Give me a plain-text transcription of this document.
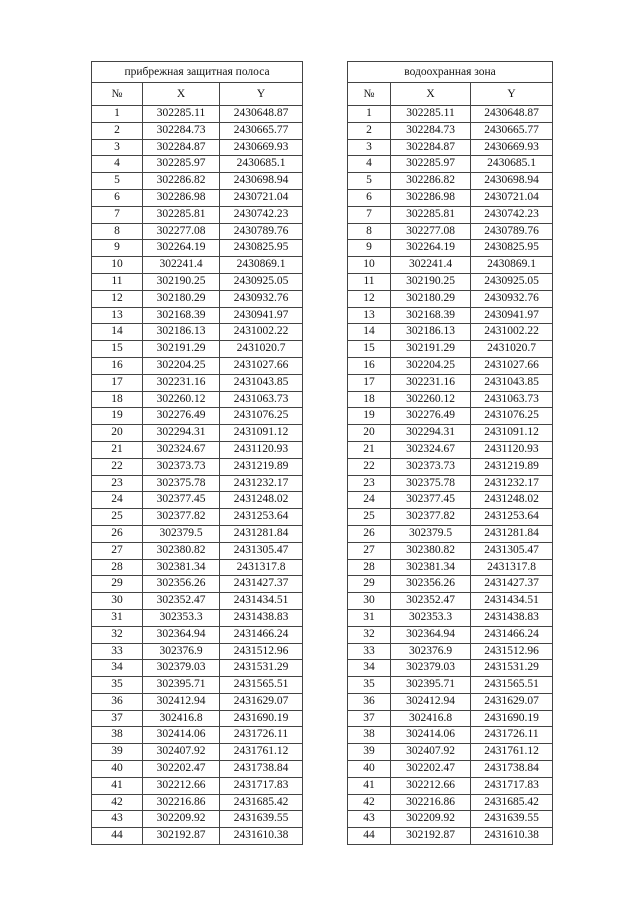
прибрежная защитная полоса		
№	X	Y
1	302285.11	2430648.87
2	302284.73	2430665.77
3	302284.87	2430669.93
4	302285.97	2430685.1
5	302286.82	2430698.94
6	302286.98	2430721.04
7	302285.81	2430742.23
8	302277.08	2430789.76
9	302264.19	2430825.95
10	302241.4	2430869.1
11	302190.25	2430925.05
12	302180.29	2430932.76
13	302168.39	2430941.97
14	302186.13	2431002.22
15	302191.29	2431020.7
16	302204.25	2431027.66
17	302231.16	2431043.85
18	302260.12	2431063.73
19	302276.49	2431076.25
20	302294.31	2431091.12
21	302324.67	2431120.93
22	302373.73	2431219.89
23	302375.78	2431232.17
24	302377.45	2431248.02
25	302377.82	2431253.64
26	302379.5	2431281.84
27	302380.82	2431305.47
28	302381.34	2431317.8
29	302356.26	2431427.37
30	302352.47	2431434.51
31	302353.3	2431438.83
32	302364.94	2431466.24
33	302376.9	2431512.96
34	302379.03	2431531.29
35	302395.71	2431565.51
36	302412.94	2431629.07
37	302416.8	2431690.19
38	302414.06	2431726.11
39	302407.92	2431761.12
40	302202.47	2431738.84
41	302212.66	2431717.83
42	302216.86	2431685.42
43	302209.92	2431639.55
44	302192.87	2431610.38
водоохранная зона		
№	X	Y
1	302285.11	2430648.87
2	302284.73	2430665.77
3	302284.87	2430669.93
4	302285.97	2430685.1
5	302286.82	2430698.94
6	302286.98	2430721.04
7	302285.81	2430742.23
8	302277.08	2430789.76
9	302264.19	2430825.95
10	302241.4	2430869.1
11	302190.25	2430925.05
12	302180.29	2430932.76
13	302168.39	2430941.97
14	302186.13	2431002.22
15	302191.29	2431020.7
16	302204.25	2431027.66
17	302231.16	2431043.85
18	302260.12	2431063.73
19	302276.49	2431076.25
20	302294.31	2431091.12
21	302324.67	2431120.93
22	302373.73	2431219.89
23	302375.78	2431232.17
24	302377.45	2431248.02
25	302377.82	2431253.64
26	302379.5	2431281.84
27	302380.82	2431305.47
28	302381.34	2431317.8
29	302356.26	2431427.37
30	302352.47	2431434.51
31	302353.3	2431438.83
32	302364.94	2431466.24
33	302376.9	2431512.96
34	302379.03	2431531.29
35	302395.71	2431565.51
36	302412.94	2431629.07
37	302416.8	2431690.19
38	302414.06	2431726.11
39	302407.92	2431761.12
40	302202.47	2431738.84
41	302212.66	2431717.83
42	302216.86	2431685.42
43	302209.92	2431639.55
44	302192.87	2431610.38
